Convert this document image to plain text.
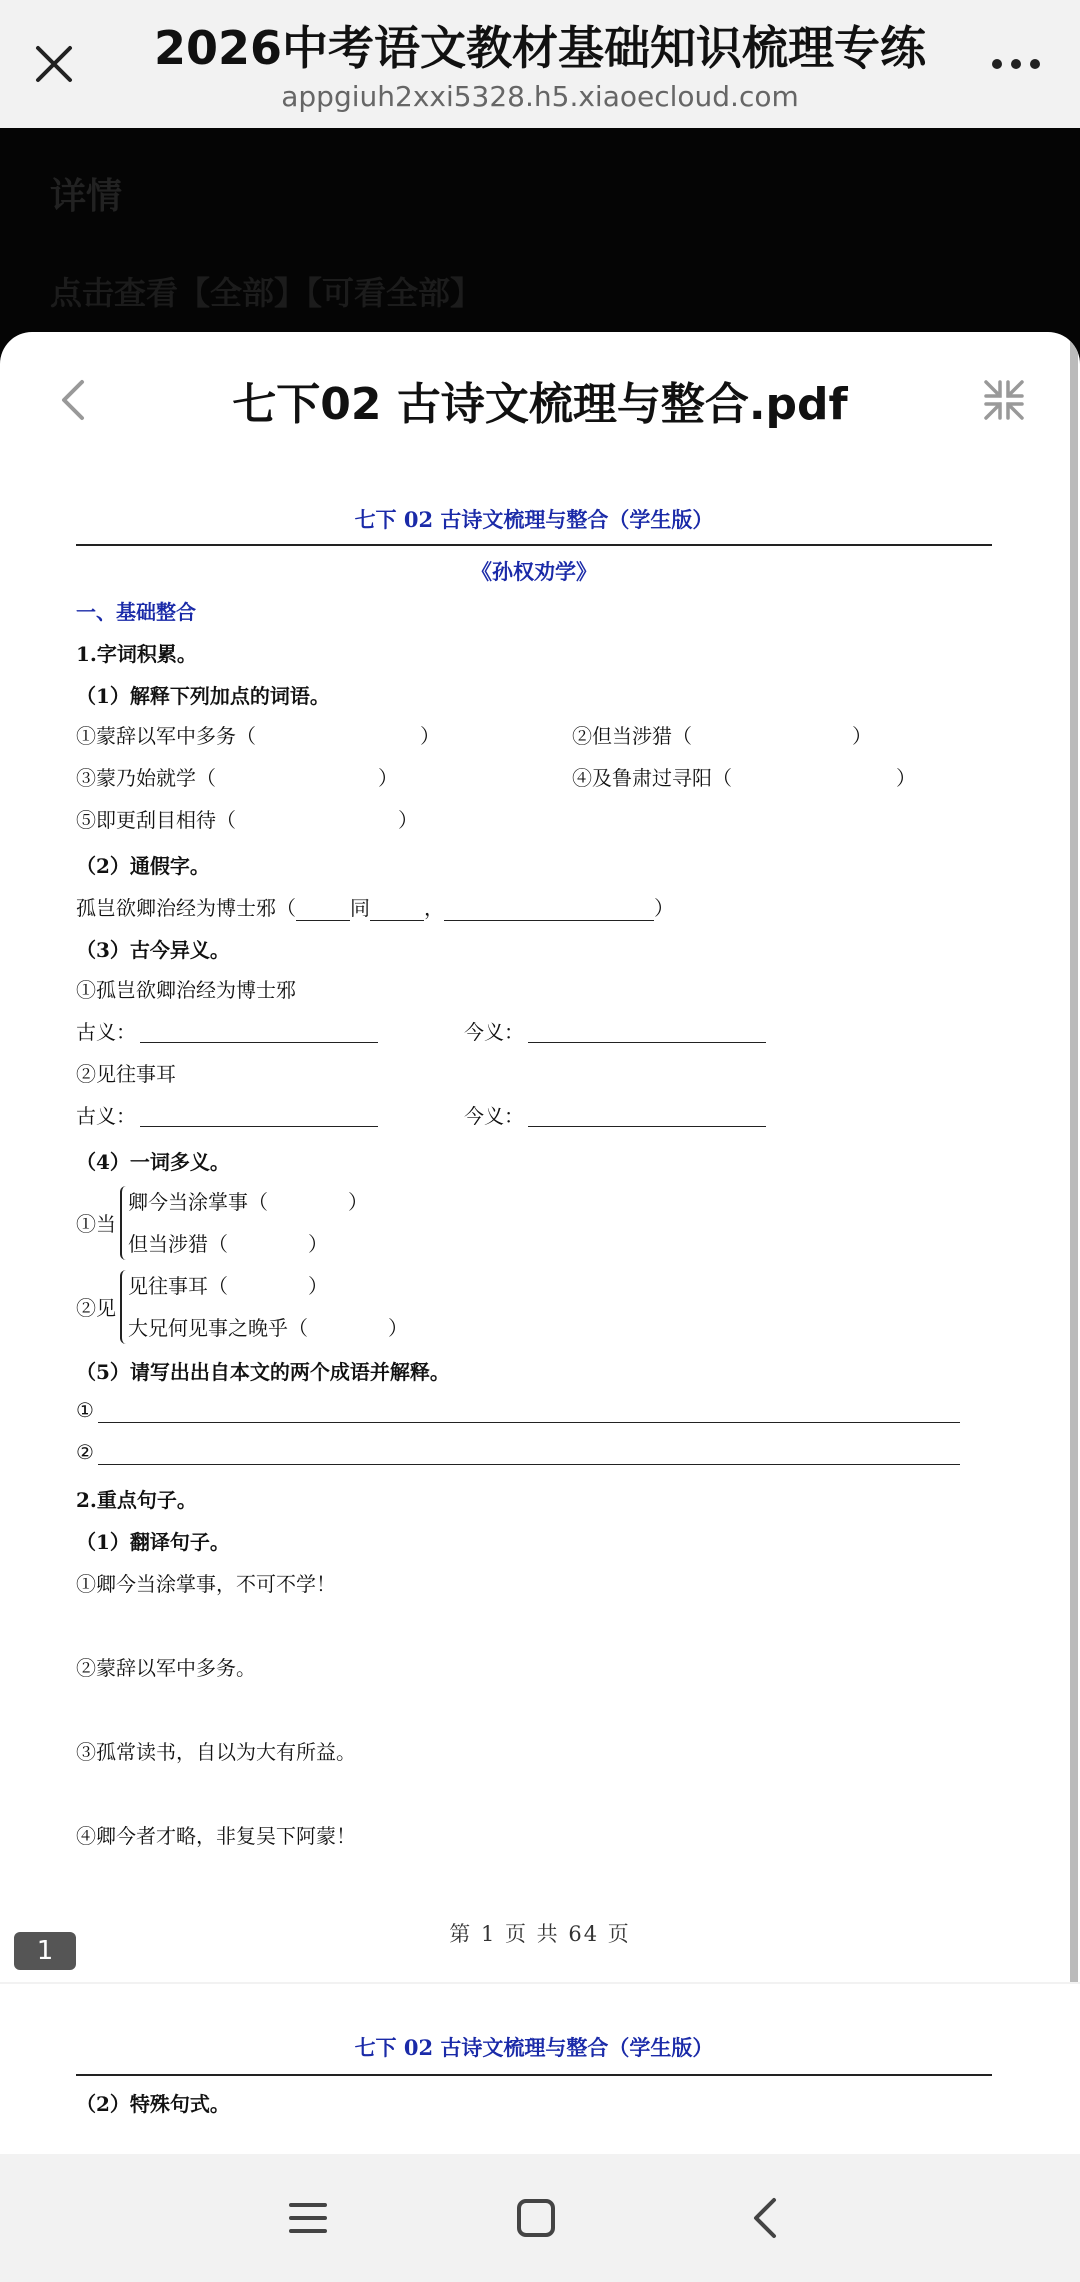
2026中考语文教材基础知识梳理专练
appgiuh2xxi5328.h5.xiaoecloud.com
详情
点击查看【全部】【可看全部】
七下02 古诗文梳理与整合.pdf
七下 02 古诗文梳理与整合（学生版）
《孙权劝学》
一、基础整合
1.字词积累。
（1）解释下列加点的词语。
①蒙辞以军中多务（	）	②但当涉猎（	）
③蒙乃始就学（	）	④及鲁肃过寻阳（	）
⑤即更刮目相待（	）
（2）通假字。
孤岂欲卿治经为博士邪（	同	，	）
（3）古今异义。
①孤岂欲卿治经为博士邪
古义：	今义：
②见往事耳
古义：	今义：
（4）一词多义。
①当
卿今当涂掌事（	）
但当涉猎（	）
②见
见往事耳（	）
大兄何见事之晚乎（	）
（5）请写出出自本文的两个成语并解释。
①
②
2.重点句子。
（1）翻译句子。
①卿今当涂掌事，不可不学！
②蒙辞以军中多务。
③孤常读书，自以为大有所益。
④卿今者才略，非复吴下阿蒙！
第 1 页 共 64 页
1
七下 02 古诗文梳理与整合（学生版）
（2）特殊句式。
